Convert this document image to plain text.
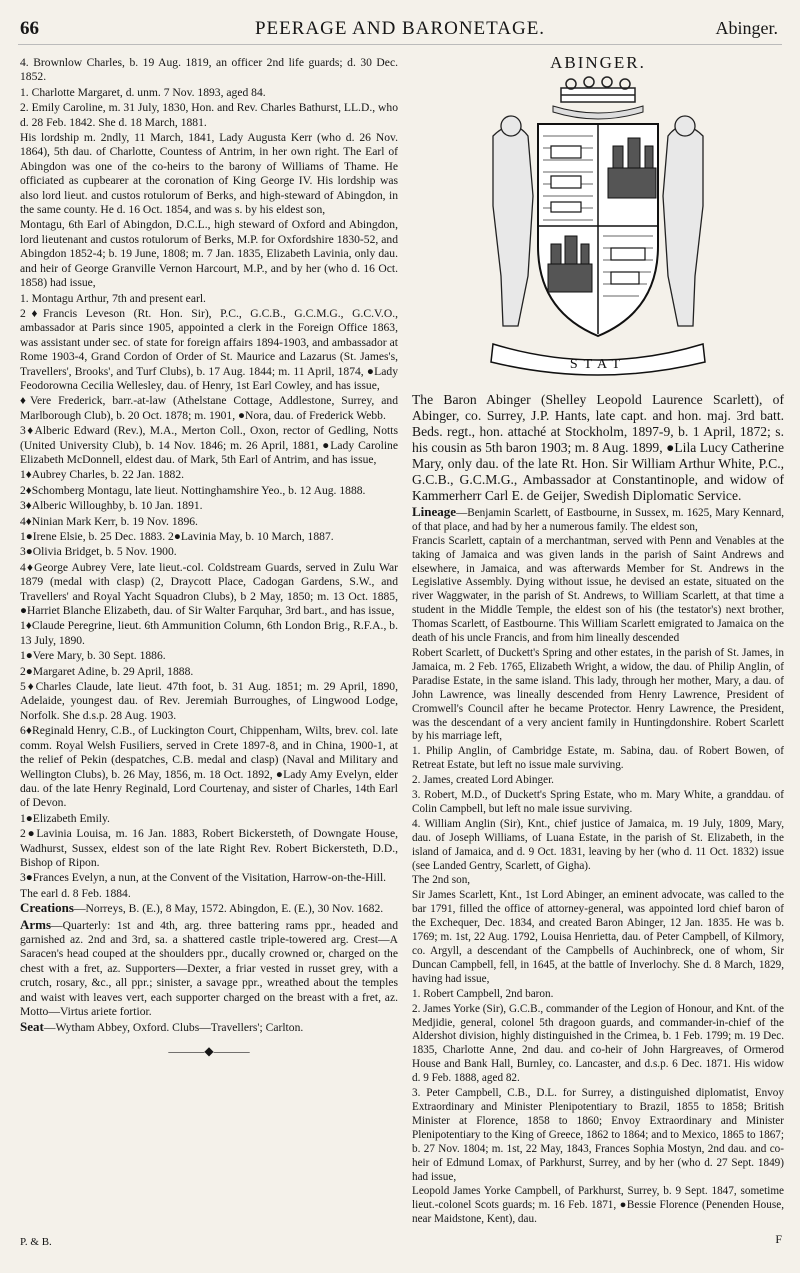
66	PEERAGE AND BARONETAGE.	Abinger.

4. Brownlow Charles, b. 19 Aug. 1819, an officer 2nd life guards; d. 30 Dec. 1852.

1. Charlotte Margaret, d. unm. 7 Nov. 1893, aged 84.

2. Emily Caroline, m. 31 July, 1830, Hon. and Rev. Charles Bathurst, LL.D., who d. 28 Feb. 1842. She d. 18 March, 1881.

His lordship m. 2ndly, 11 March, 1841, Lady Augusta Kerr (who d. 26 Nov. 1864), 5th dau. of Charlotte, Countess of Antrim, in her own right. The Earl of Abingdon was one of the co-heirs to the barony of Williams of Thame. He officiated as cupbearer at the coronation of King George IV. His lordship was also lord lieut. and custos rotulorum of Berks, and high-steward of Abingdon, in the same county. He d. 16 Oct. 1854, and was s. by his eldest son,

Montagu, 6th Earl of Abingdon, D.C.L., high steward of Oxford and Abingdon, lord lieutenant and custos rotulorum of Berks, M.P. for Oxfordshire 1830-52, and Abingdon 1852-4; b. 19 June, 1808; m. 7 Jan. 1835, Elizabeth Lavinia, only dau. and heir of George Granville Vernon Harcourt, M.P., and by her (who d. 16 Oct. 1858) had issue,

1. Montagu Arthur, 7th and present earl.

2♦Francis Leveson (Rt. Hon. Sir), P.C., G.C.B., G.C.M.G., G.C.V.O., ambassador at Paris since 1905, appointed a clerk in the Foreign Office 1863, was assistant under sec. of state for foreign affairs 1894-1903, and ambassador at Rome 1903-4, Grand Cordon of Order of St. Maurice and Lazarus (St. James's, Travellers', Brooks', and Turf Clubs), b. 17 Aug. 1844; m. 11 April, 1874, ●Lady Feodorowna Cecilia Wellesley, dau. of Henry, 1st Earl Cowley, and has issue,

♦Vere Frederick, barr.-at-law (Athelstane Cottage, Addlestone, Surrey, and Marlborough Club), b. 20 Oct. 1878; m. 1901, ●Nora, dau. of Frederick Webb.

3♦Alberic Edward (Rev.), M.A., Merton Coll., Oxon, rector of Gedling, Notts (United University Club), b. 14 Nov. 1846; m. 26 April, 1881, ●Lady Caroline Elizabeth McDonnell, eldest dau. of Mark, 5th Earl of Antrim, and has issue,

1♦Aubrey Charles, b. 22 Jan. 1882.

2♦Schomberg Montagu, late lieut. Nottinghamshire Yeo., b. 12 Aug. 1888.

3♦Alberic Willoughby, b. 10 Jan. 1891.

4♦Ninian Mark Kerr, b. 19 Nov. 1896.

1●Irene Elsie, b. 25 Dec. 1883. 2●Lavinia May, b. 10 March, 1887.

3●Olivia Bridget, b. 5 Nov. 1900.

4♦George Aubrey Vere, late lieut.-col. Coldstream Guards, served in Zulu War 1879 (medal with clasp) (2, Draycott Place, Cadogan Gardens, S.W., and Travellers' and Royal Yacht Squadron Clubs), b 2 May, 1850; m. 13 Oct. 1885, ●Harriet Blanche Elizabeth, dau. of Sir Walter Farquhar, 3rd bart., and has issue,

1♦Claude Peregrine, lieut. 6th Ammunition Column, 6th London Brig., R.F.A., b. 13 July, 1890.

1●Vere Mary, b. 30 Sept. 1886.

2●Margaret Adine, b. 29 April, 1888.

5♦Charles Claude, late lieut. 47th foot, b. 31 Aug. 1851; m. 29 April, 1890, Adelaide, youngest dau. of Rev. Jeremiah Burroughes, of Lingwood Lodge, Norfolk. She d.s.p. 28 Aug. 1903.

6♦Reginald Henry, C.B., of Luckington Court, Chippenham, Wilts, brev. col. late comm. Royal Welsh Fusiliers, served in Crete 1897-8, and in China, 1900-1, at the relief of Pekin (despatches, C.B. medal and clasp) (Naval and Military and Wellington Clubs), b. 26 May, 1856, m. 18 Oct. 1892, ●Lady Amy Evelyn, elder dau. of the late Henry Reginald, Lord Courtenay, and sister of Charles, 14th Earl of Devon.

1●Elizabeth Emily.

2●Lavinia Louisa, m. 16 Jan. 1883, Robert Bickersteth, of Downgate House, Wadhurst, Sussex, eldest son of the late Right Rev. Robert Bickersteth, D.D., Bishop of Ripon.

3●Frances Evelyn, a nun, at the Convent of the Visitation, Harrow-on-the-Hill.

The earl d. 8 Feb. 1884.

Creations—Norreys, B. (E.), 8 May, 1572. Abingdon, E. (E.), 30 Nov. 1682.

Arms—Quarterly: 1st and 4th, arg. three battering rams ppr., headed and garnished az. 2nd and 3rd, sa. a shattered castle triple-towered arg. Crest—A Saracen's head couped at the shoulders ppr., ducally crowned or, charged on the chest with a fret, az. Supporters—Dexter, a friar vested in russet grey, with a crutch, rosary, &c., all ppr.; sinister, a savage ppr., wreathed about the temples and waist with leaves vert, each supporter charged on the breast with a fret, az. Motto—Virtus ariete fortior.

Seat—Wytham Abbey, Oxford. Clubs—Travellers'; Carlton.

———◆———
ABINGER.
STAT

The Baron Abinger (Shelley Leopold Laurence Scarlett), of Abinger, co. Surrey, J.P. Hants, late capt. and hon. maj. 3rd batt. Beds. regt., hon. attaché at Stockholm, 1897-9, b. 1 April, 1872; s. his cousin as 5th baron 1903; m. 8 Aug. 1899, ●Lila Lucy Catherine Mary, only dau. of the late Rt. Hon. Sir William Arthur White, P.C., G.C.B., G.C.M.G., Ambassador at Constantinople, and widow of Kammerherr Carl E. de Geijer, Swedish Diplomatic Service.

Lineage—Benjamin Scarlett, of Eastbourne, in Sussex, m. 1625, Mary Kennard, of that place, and had by her a numerous family. The eldest son,

Francis Scarlett, captain of a merchantman, served with Penn and Venables at the taking of Jamaica and was given lands in the parish of Saint Andrews and elsewhere, in Jamaica, and was afterwards Member for St. Andrews in the Legislative Assembly. Dying without issue, he devised an estate, situated on the river Waggwater, in the parish of St. Andrews, to William Scarlett, at that time a student in the Middle Temple, the eldest son of his (the testator's) next brother, Thomas Scarlett, of Eastbourne. This William Scarlett emigrated to Jamaica on the death of his uncle Francis, and from him lineally descended

Robert Scarlett, of Duckett's Spring and other estates, in the parish of St. James, in Jamaica, m. 2 Feb. 1765, Elizabeth Wright, a widow, the dau. of Philip Anglin, of Paradise Estate, in the same island. This lady, through her mother, Mary, a dau. of John Lawrence, was lineally descended from Henry Lawrence, President of Cromwell's Council after he became Protector. Henry Lawrence, the President, was the descendant of a very ancient family in Huntingdonshire. Robert Scarlett by his marriage left,

1. Philip Anglin, of Cambridge Estate, m. Sabina, dau. of Robert Bowen, of Retreat Estate, but left no issue male surviving.

2. James, created Lord Abinger.

3. Robert, M.D., of Duckett's Spring Estate, who m. Mary White, a granddau. of Colin Campbell, but left no male issue surviving.

4. William Anglin (Sir), Knt., chief justice of Jamaica, m. 19 July, 1809, Mary, dau. of Joseph Williams, of Luana Estate, in the parish of St. Elizabeth, in the island of Jamaica, and d. 9 Oct. 1831, leaving by her (who d. 11 Oct. 1832) issue (see Landed Gentry, Scarlett, of Gigha).

The 2nd son,

Sir James Scarlett, Knt., 1st Lord Abinger, an eminent advocate, was called to the bar 1791, filled the office of attorney-general, was appointed lord chief baron of the Exchequer, Dec. 1834, and created Baron Abinger, 12 Jan. 1835. He was b. 1769; m. 1st, 22 Aug. 1792, Louisa Henrietta, dau. of Peter Campbell, of Kilmory, co. Argyll, a descendant of the Campbells of Auchinbreck, one of whom, Sir Duncan Campbell, fell, in 1645, at the battle of Inverlochy. She d. 8 March, 1829, having had issue,

1. Robert Campbell, 2nd baron.

2. James Yorke (Sir), G.C.B., commander of the Legion of Honour, and Knt. of the Medjidie, general, colonel 5th dragoon guards, and commander-in-chief of the Aldershot division, highly distinguished in the Crimea, b. 1 Feb. 1799; m. 19 Dec. 1835, Charlotte Anne, 2nd dau. and co-heir of John Hargreaves, of Ormerod House and Bank Hall, Burnley, co. Lancaster, and d.s.p. 6 Dec. 1871. His widow d. 9 Feb. 1888, aged 82.

3. Peter Campbell, C.B., D.L. for Surrey, a distinguished diplomatist, Envoy Extraordinary and Minister Plenipotentiary to Brazil, 1855 to 1858; British Minister at Florence, 1858 to 1860; Envoy Extraordinary and Minister Plenipotentiary to the King of Greece, 1862 to 1864; and to Mexico, 1865 to 1867; b. 27 Nov. 1804; m. 1st, 22 May, 1843, Frances Sophia Mostyn, 2nd dau. and co-heir of Edmund Lomax, of Parkhurst, Surrey, and by her (who d. 27 Sept. 1849) had issue,

Leopold James Yorke Campbell, of Parkhurst, Surrey, b. 9 Sept. 1847, sometime lieut.-colonel Scots guards; m. 16 Feb. 1871, ●Bessie Florence (Penenden House, near Maidstone, Kent), dau.

P. & B.	F
